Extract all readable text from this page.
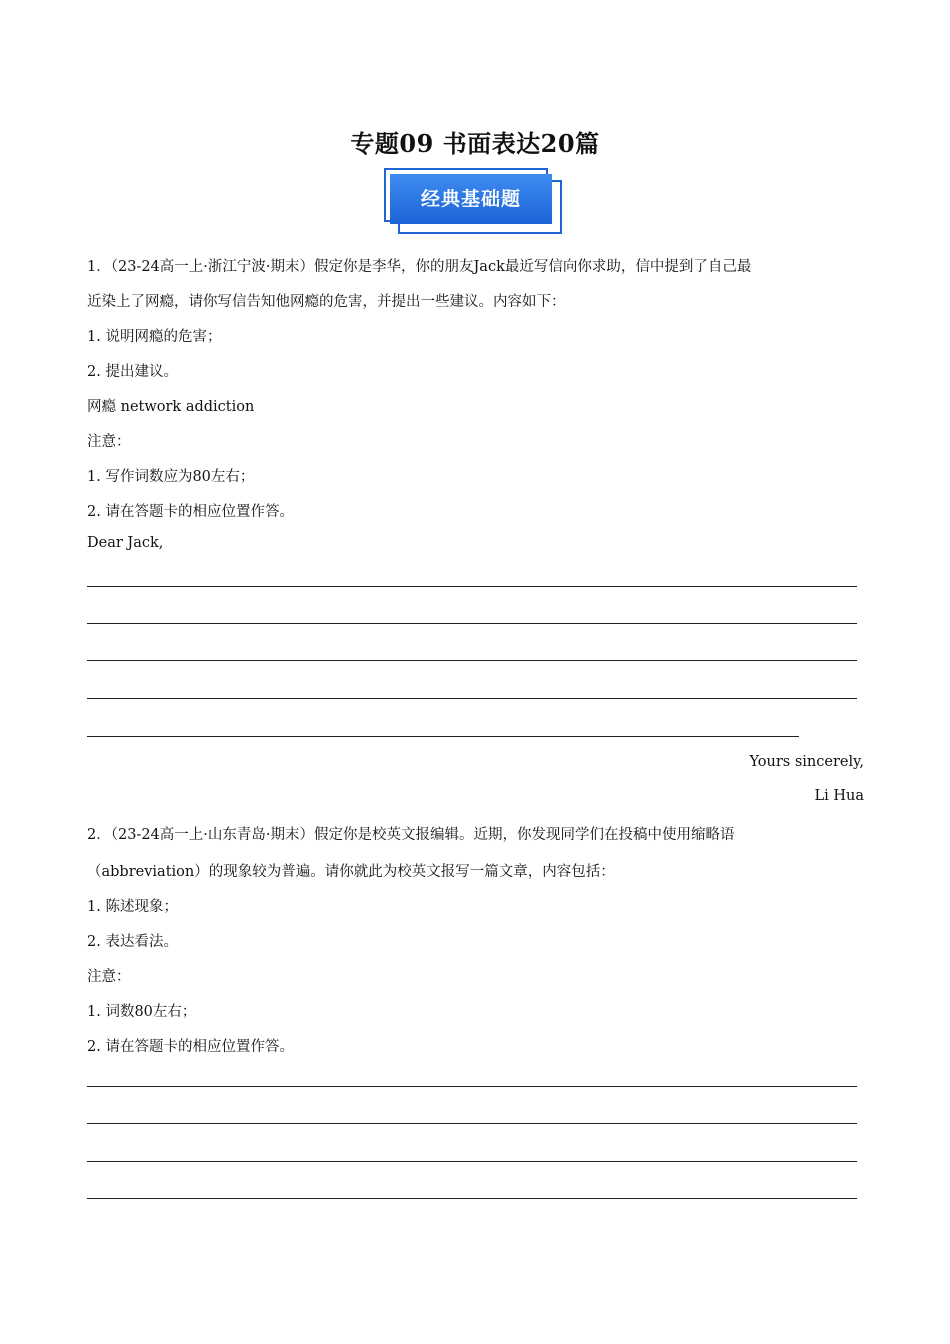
专题09 书面表达20篇
经典基础题
1．（23-24高一上·浙江宁波·期末）假定你是李华，你的朋友Jack最近写信向你求助，信中提到了自己最
近染上了网瘾，请你写信告知他网瘾的危害，并提出一些建议。内容如下：
1. 说明网瘾的危害；
2. 提出建议。
网瘾 network addiction
注意：
1. 写作词数应为80左右；
2. 请在答题卡的相应位置作答。
Dear Jack,
Yours sincerely,
Li Hua
2．（23-24高一上·山东青岛·期末）假定你是校英文报编辑。近期，你发现同学们在投稿中使用缩略语
（abbreviation）的现象较为普遍。请你就此为校英文报写一篇文章，内容包括：
1. 陈述现象；
2. 表达看法。
注意：
1. 词数80左右；
2. 请在答题卡的相应位置作答。
